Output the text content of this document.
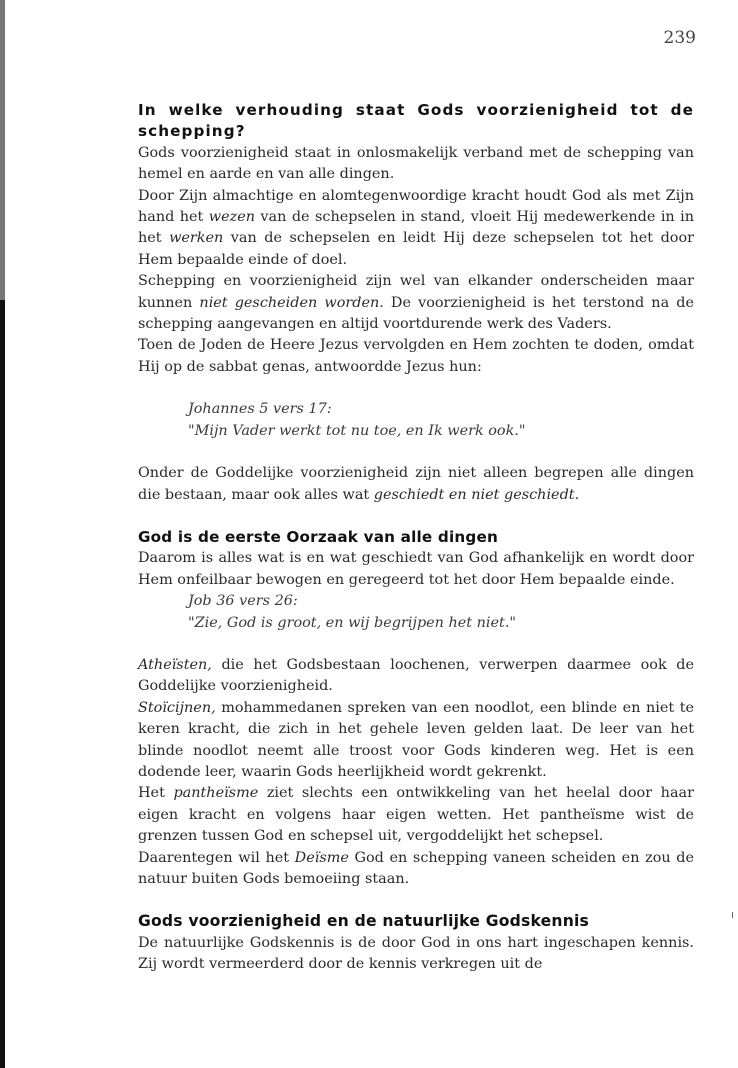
239

In welke verhouding staat Gods voorzienigheid tot de schepping?

Gods voorzienigheid staat in onlosmakelijk verband met de schepping van hemel en aarde en van alle dingen.

Door Zijn almachtige en alomtegenwoordige kracht houdt God als met Zijn hand het wezen van de schepselen in stand, vloeit Hij medewerkende in in het werken van de schepselen en leidt Hij deze schepselen tot het door Hem bepaalde einde of doel.

Schepping en voorzienigheid zijn wel van elkander onderscheiden maar kunnen niet gescheiden worden. De voorzienigheid is het terstond na de schepping aangevangen en altijd voortdurende werk des Vaders.

Toen de Joden de Heere Jezus vervolgden en Hem zochten te doden, omdat Hij op de sabbat genas, antwoordde Jezus hun:

Johannes 5 vers 17:

"Mijn Vader werkt tot nu toe, en Ik werk ook."

Onder de Goddelijke voorzienigheid zijn niet alleen begrepen alle dingen die bestaan, maar ook alles wat geschiedt en niet geschiedt.

God is de eerste Oorzaak van alle dingen

Daarom is alles wat is en wat geschiedt van God afhankelijk en wordt door Hem onfeilbaar bewogen en geregeerd tot het door Hem bepaalde einde.

Job 36 vers 26:

"Zie, God is groot, en wij begrijpen het niet."

Atheïsten, die het Godsbestaan loochenen, verwerpen daarmee ook de Goddelijke voorzienigheid.

Stoïcijnen, mohammedanen spreken van een noodlot, een blinde en niet te keren kracht, die zich in het gehele leven gelden laat. De leer van het blinde noodlot neemt alle troost voor Gods kinderen weg. Het is een dodende leer, waarin Gods heerlijkheid wordt gekrenkt.

Het pantheïsme ziet slechts een ontwikkeling van het heelal door haar eigen kracht en volgens haar eigen wetten. Het pantheïsme wist de grenzen tussen God en schepsel uit, vergoddelijkt het schepsel.

Daarentegen wil het Deïsme God en schepping vaneen scheiden en zou de natuur buiten Gods bemoeiing staan.

Gods voorzienigheid en de natuurlijke Godskennis

De natuurlijke Godskennis is de door God in ons hart ingeschapen kennis. Zij wordt vermeerderd door de kennis verkregen uit de
